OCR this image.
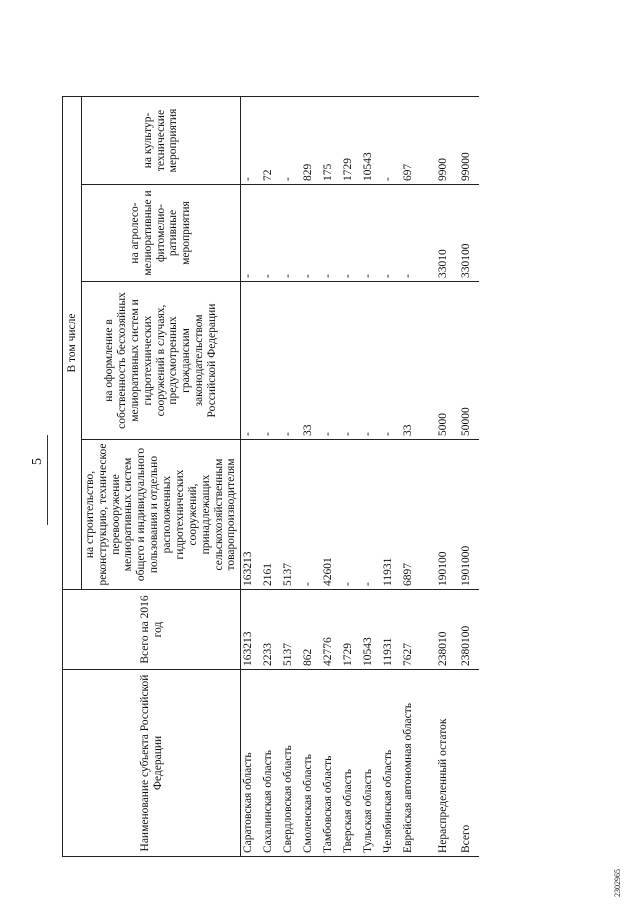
5
Наименование субъекта Российской Федерации	Всего на 2016 год	В том числе			
		на строительство, реконструкцию, техническое перевооружение мелиоративных систем общего и индивидуального пользования и отдельно расположенных гидротехнических сооружений, принадлежащих сельскохозяйственным товаропроизводителям	на оформление в собственность бесхозяйных мелиоративных систем и гидротехнических сооружений в случаях, предусмотренных гражданским законодательством Российской Федерации	на агролесо-мелиоративные и фитомелио-ративные мероприятия	на культур-технические мероприятия
Саратовская область	163213	163213	-	-	-
Сахалинская область	2233	2161	-	-	72
Свердловская область	5137	5137	-	-	-
Смоленская область	862	-	33	-	829
Тамбовская область	42776	42601	-	-	175
Тверская область	1729	-	-	-	1729
Тульская область	10543	-	-	-	10543
Челябинская область	11931	11931	-	-	-
Еврейская автономная область	7627	6897	33	-	697
Нераспределенный остаток	238010	190100	5000	33010	9900
Всего	2380100	1901000	50000	330100	99000
2302965
